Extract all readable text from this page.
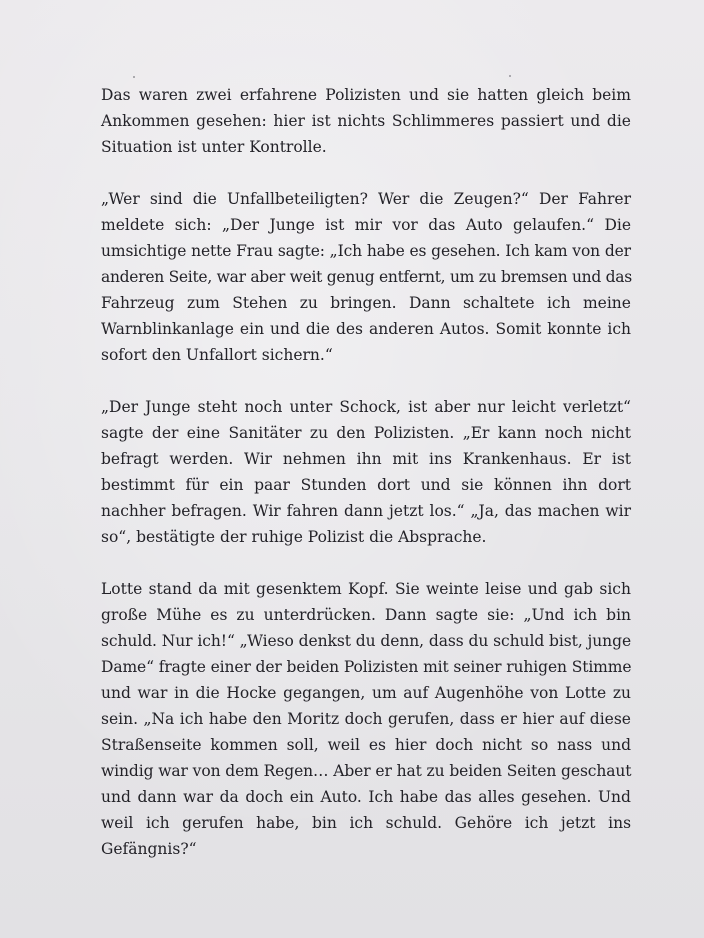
Das waren zwei erfahrene Polizisten und sie hatten gleich beim
Ankommen gesehen: hier ist nichts Schlimmeres passiert und die
Situation ist unter Kontrolle.

„Wer sind die Unfallbeteiligten? Wer die Zeugen?“ Der Fahrer
meldete sich: „Der Junge ist mir vor das Auto gelaufen.“ Die
umsichtige nette Frau sagte: „Ich habe es gesehen. Ich kam von der
anderen Seite, war aber weit genug entfernt, um zu bremsen und das
Fahrzeug zum Stehen zu bringen. Dann schaltete ich meine
Warnblinkanlage ein und die des anderen Autos. Somit konnte ich
sofort den Unfallort sichern.“

„Der Junge steht noch unter Schock, ist aber nur leicht verletzt“
sagte der eine Sanitäter zu den Polizisten. „Er kann noch nicht
befragt werden. Wir nehmen ihn mit ins Krankenhaus. Er ist
bestimmt für ein paar Stunden dort und sie können ihn dort
nachher befragen. Wir fahren dann jetzt los.“ „Ja, das machen wir
so“, bestätigte der ruhige Polizist die Absprache.

Lotte stand da mit gesenktem Kopf. Sie weinte leise und gab sich
große Mühe es zu unterdrücken. Dann sagte sie: „Und ich bin
schuld. Nur ich!“ „Wieso denkst du denn, dass du schuld bist, junge
Dame“ fragte einer der beiden Polizisten mit seiner ruhigen Stimme
und war in die Hocke gegangen, um auf Augenhöhe von Lotte zu
sein. „Na ich habe den Moritz doch gerufen, dass er hier auf diese
Straßenseite kommen soll, weil es hier doch nicht so nass und
windig war von dem Regen… Aber er hat zu beiden Seiten geschaut
und dann war da doch ein Auto. Ich habe das alles gesehen. Und
weil ich gerufen habe, bin ich schuld. Gehöre ich jetzt ins
Gefängnis?“
